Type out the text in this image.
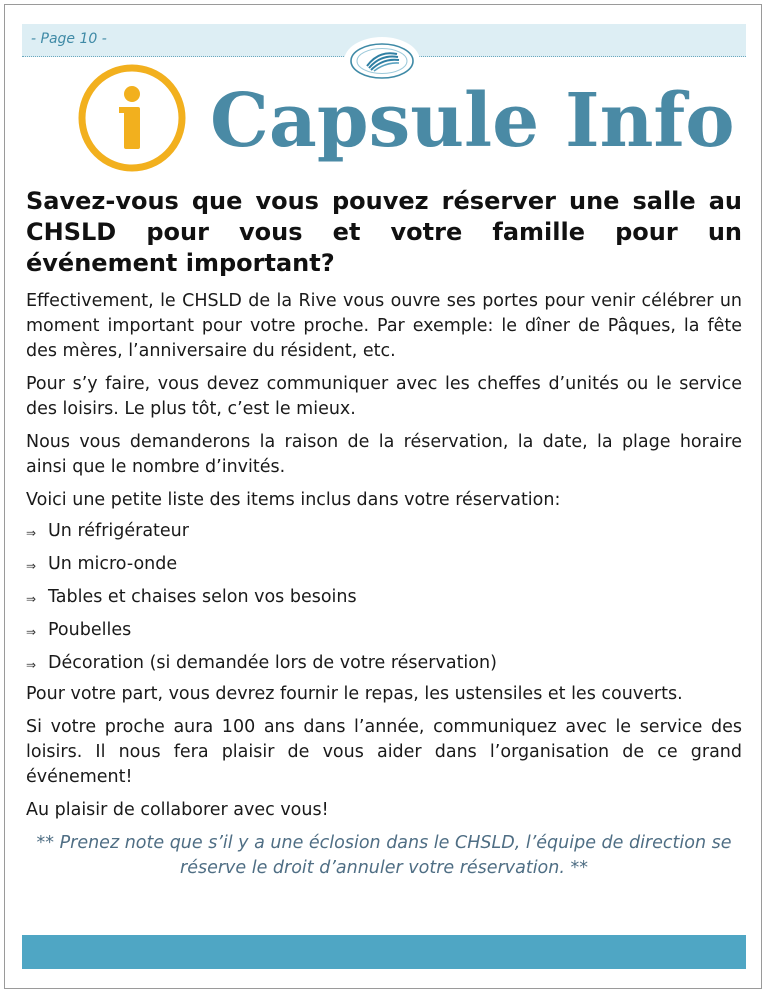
- Page 10 -
Capsule Info
Savez-vous que vous pouvez réserver une salle au CHSLD pour vous et votre famille pour un événement important?

Effectivement, le CHSLD de la Rive vous ouvre ses portes pour venir célébrer un moment important pour votre proche. Par exemple: le dîner de Pâques, la fête des mères, l’anniversaire du résident, etc.

Pour s’y faire, vous devez communiquer avec les cheffes d’unités ou le service des loisirs. Le plus tôt, c’est le mieux.

Nous vous demanderons la raison de la réservation, la date, la plage horaire ainsi que le nombre d’invités.

Voici une petite liste des items inclus dans votre réservation:

⇒ Un réfrigérateur
⇒ Un micro-onde
⇒ Tables et chaises selon vos besoins
⇒ Poubelles
⇒ Décoration (si demandée lors de votre réservation)

Pour votre part, vous devrez fournir le repas, les ustensiles et les couverts.

Si votre proche aura 100 ans dans l’année, communiquez avec le service des loisirs. Il nous fera plaisir de vous aider dans l’organisation de ce grand événement!

Au plaisir de collaborer avec vous!

** Prenez note que s’il y a une éclosion dans le CHSLD, l’équipe de direction se réserve le droit d’annuler votre réservation. **
